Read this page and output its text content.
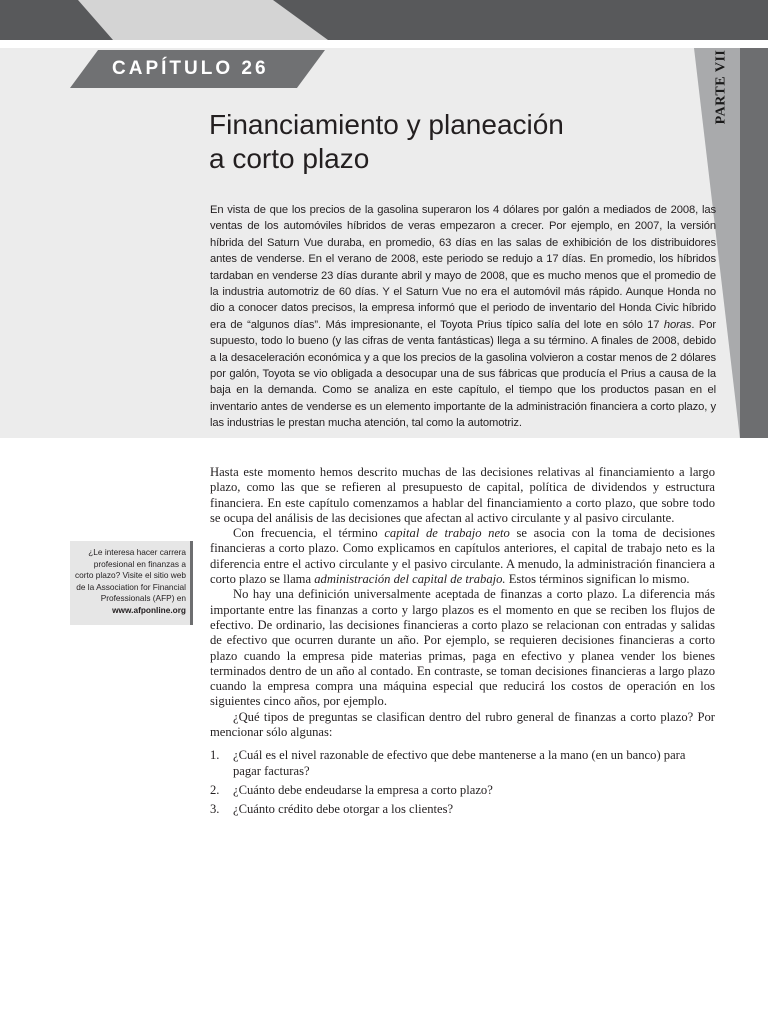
CAPÍTULO 26	PARTE VII
Financiamiento y planeación
a corto plazo

En vista de que los precios de la gasolina superaron los 4 dólares por galón a mediados de 2008, las ventas de los automóviles híbridos de veras empezaron a crecer. Por ejemplo, en 2007, la versión híbrida del Saturn Vue duraba, en promedio, 63 días en las salas de exhibición de los distribuidores antes de venderse. En el verano de 2008, este periodo se redujo a 17 días. En promedio, los híbridos tardaban en venderse 23 días durante abril y mayo de 2008, que es mucho menos que el promedio de la industria automotriz de 60 días. Y el Saturn Vue no era el automóvil más rápido. Aunque Honda no dio a conocer datos precisos, la empresa informó que el periodo de inventario del Honda Civic híbrido era de “algunos días”. Más impresionante, el Toyota Prius típico salía del lote en sólo 17 horas. Por supuesto, todo lo bueno (y las cifras de venta fantásticas) llega a su término. A finales de 2008, debido a la desaceleración económica y a que los precios de la gasolina volvieron a costar menos de 2 dólares por galón, Toyota se vio obligada a desocupar una de sus fábricas que producía el Prius a causa de la baja en la demanda. Como se analiza en este capítulo, el tiempo que los productos pasan en el inventario antes de venderse es un elemento importante de la administración financiera a corto plazo, y las industrias le prestan mucha atención, tal como la automotriz.

¿Le interesa hacer carrera profesional en finanzas a corto plazo? Visite el sitio web de la Association for Financial Professionals (AFP) en www.afponline.org

Hasta este momento hemos descrito muchas de las decisiones relativas al financiamiento a largo plazo, como las que se refieren al presupuesto de capital, política de dividendos y estructura financiera. En este capítulo comenzamos a hablar del financiamiento a corto plazo, que sobre todo se ocupa del análisis de las decisiones que afectan al activo circulante y al pasivo circulante.

Con frecuencia, el término capital de trabajo neto se asocia con la toma de decisiones financieras a corto plazo. Como explicamos en capítulos anteriores, el capital de trabajo neto es la diferencia entre el activo circulante y el pasivo circulante. A menudo, la administración financiera a corto plazo se llama administración del capital de trabajo. Estos términos significan lo mismo.

No hay una definición universalmente aceptada de finanzas a corto plazo. La diferencia más importante entre las finanzas a corto y largo plazos es el momento en que se reciben los flujos de efectivo. De ordinario, las decisiones financieras a corto plazo se relacionan con entradas y salidas de efectivo que ocurren durante un año. Por ejemplo, se requieren decisiones financieras a corto plazo cuando la empresa pide materias primas, paga en efectivo y planea vender los bienes terminados dentro de un año al contado. En contraste, se toman decisiones financieras a largo plazo cuando la empresa compra una máquina especial que reducirá los costos de operación en los siguientes cinco años, por ejemplo.

¿Qué tipos de preguntas se clasifican dentro del rubro general de finanzas a corto plazo? Por mencionar sólo algunas:

1.	¿Cuál es el nivel razonable de efectivo que debe mantenerse a la mano (en un banco) para pagar facturas?
2.	¿Cuánto debe endeudarse la empresa a corto plazo?
3.	¿Cuánto crédito debe otorgar a los clientes?
